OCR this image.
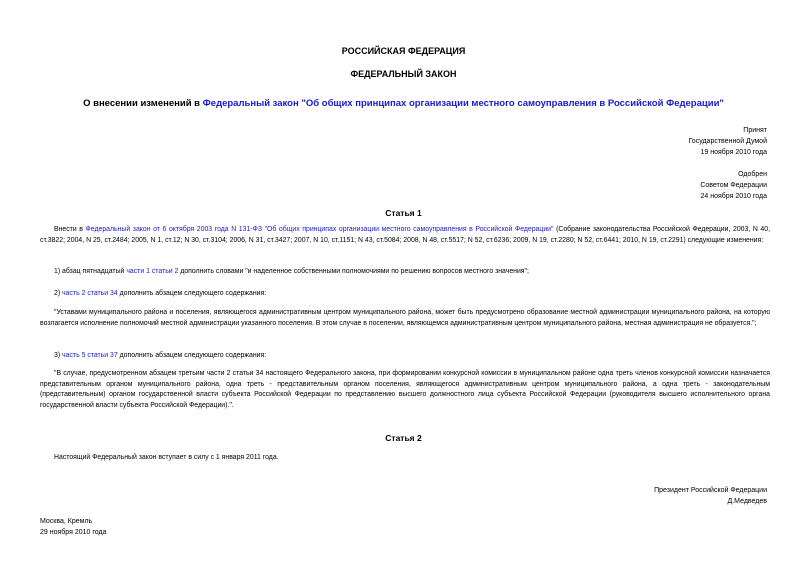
РОССИЙСКАЯ ФЕДЕРАЦИЯ
ФЕДЕРАЛЬНЫЙ ЗАКОН
О внесении изменений в Федеральный закон "Об общих принципах организации местного самоуправления в Российской Федерации"
Принят
Государственной Думой
19 ноября 2010 года
Одобрен
Советом Федерации
24 ноября 2010 года
Статья 1
Внести в Федеральный закон от 6 октября 2003 года N 131-ФЗ "Об общих принципах организации местного самоуправления в Российской Федерации" (Собрание законодательства Российской Федерации, 2003, N 40, ст.3822; 2004, N 25, ст.2484; 2005, N 1, ст.12; N 30, ст.3104; 2006, N 31, ст.3427; 2007, N 10, ст.1151; N 43, ст.5084; 2008, N 48, ст.5517; N 52, ст.6236; 2009, N 19, ст.2280; N 52, ст.6441; 2010, N 19, ст.2291) следующие изменения:
1) абзац пятнадцатый части 1 статьи 2 дополнить словами "и наделенное собственными полномочиями по решению вопросов местного значения";
2) часть 2 статьи 34 дополнить абзацем следующего содержания:
"Уставами муниципального района и поселения, являющегося административным центром муниципального района, может быть предусмотрено образование местной администрации муниципального района, на которую возлагается исполнение полномочий местной администрации указанного поселения. В этом случае в поселении, являющемся административным центром муниципального района, местная администрация не образуется.";
3) часть 5 статьи 37 дополнить абзацем следующего содержания:
"В случае, предусмотренном абзацем третьим части 2 статьи 34 настоящего Федерального закона, при формировании конкурсной комиссии в муниципальном районе одна треть членов конкурсной комиссии назначается представительным органом муниципального района, одна треть - представительным органом поселения, являющегося административным центром муниципального района, а одна треть - законодательным (представительным) органом государственной власти субъекта Российской Федерации по представлению высшего должностного лица субъекта Российской Федерации (руководителя высшего исполнительного органа государственной власти субъекта Российской Федерации).".
Статья 2
Настоящий Федеральный закон вступает в силу с 1 января 2011 года.
Президент Российской Федерации
Д.Медведев
Москва, Кремль
29 ноября 2010 года
